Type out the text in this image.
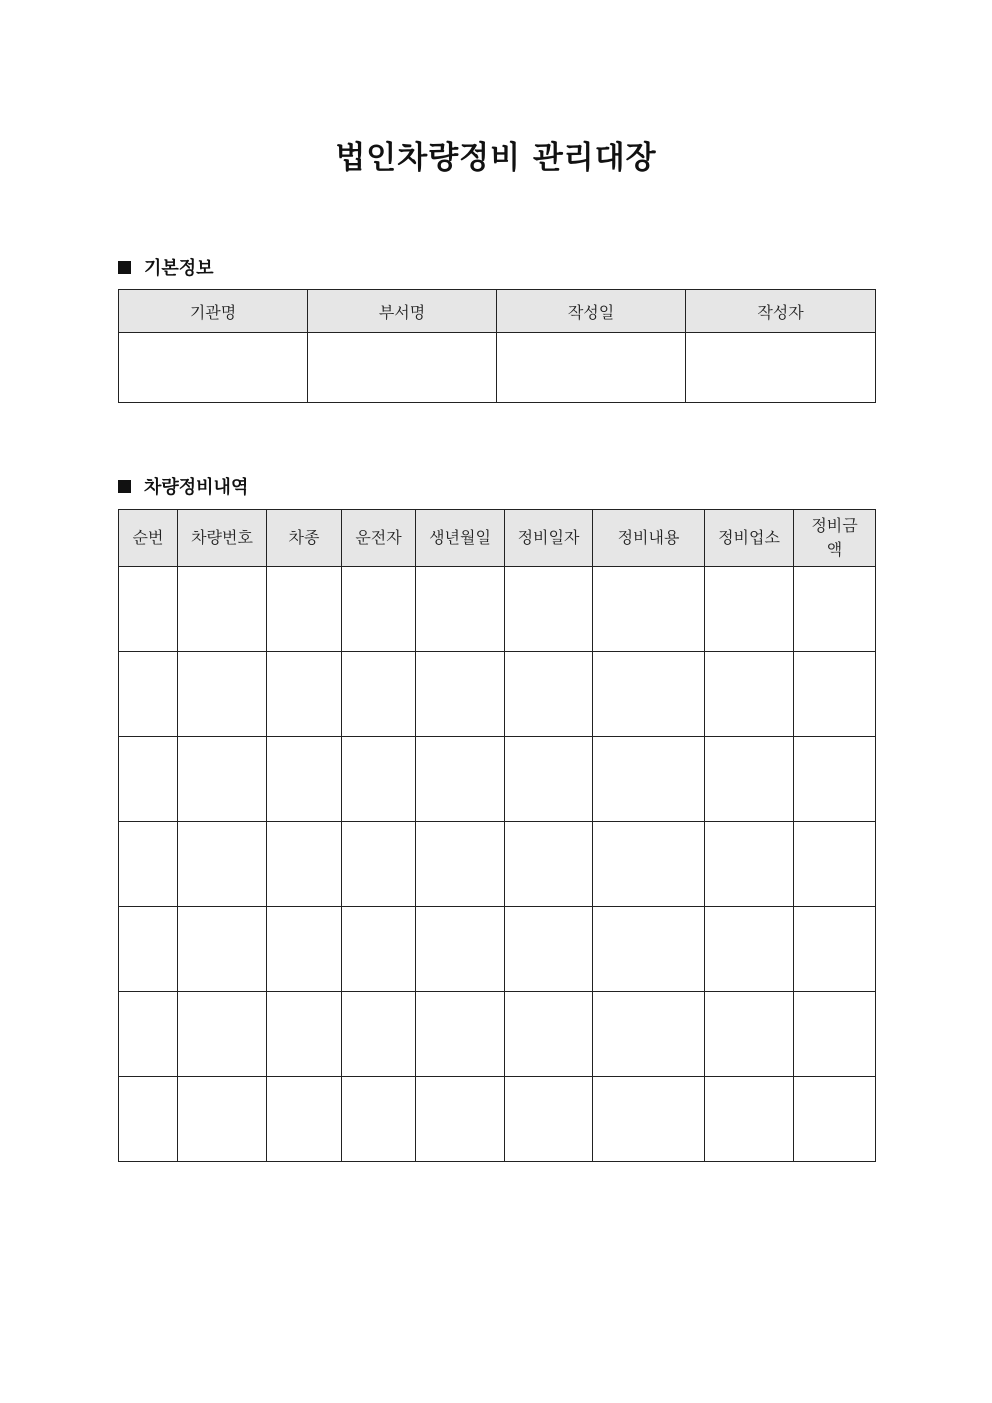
법인차량정비 관리대장
기본정보
기관명	부서명	작성일	작성자

차량정비내역
순번	차량번호	차종	운전자	생년월일	정비일자	정비내용	정비업소	정비금액
